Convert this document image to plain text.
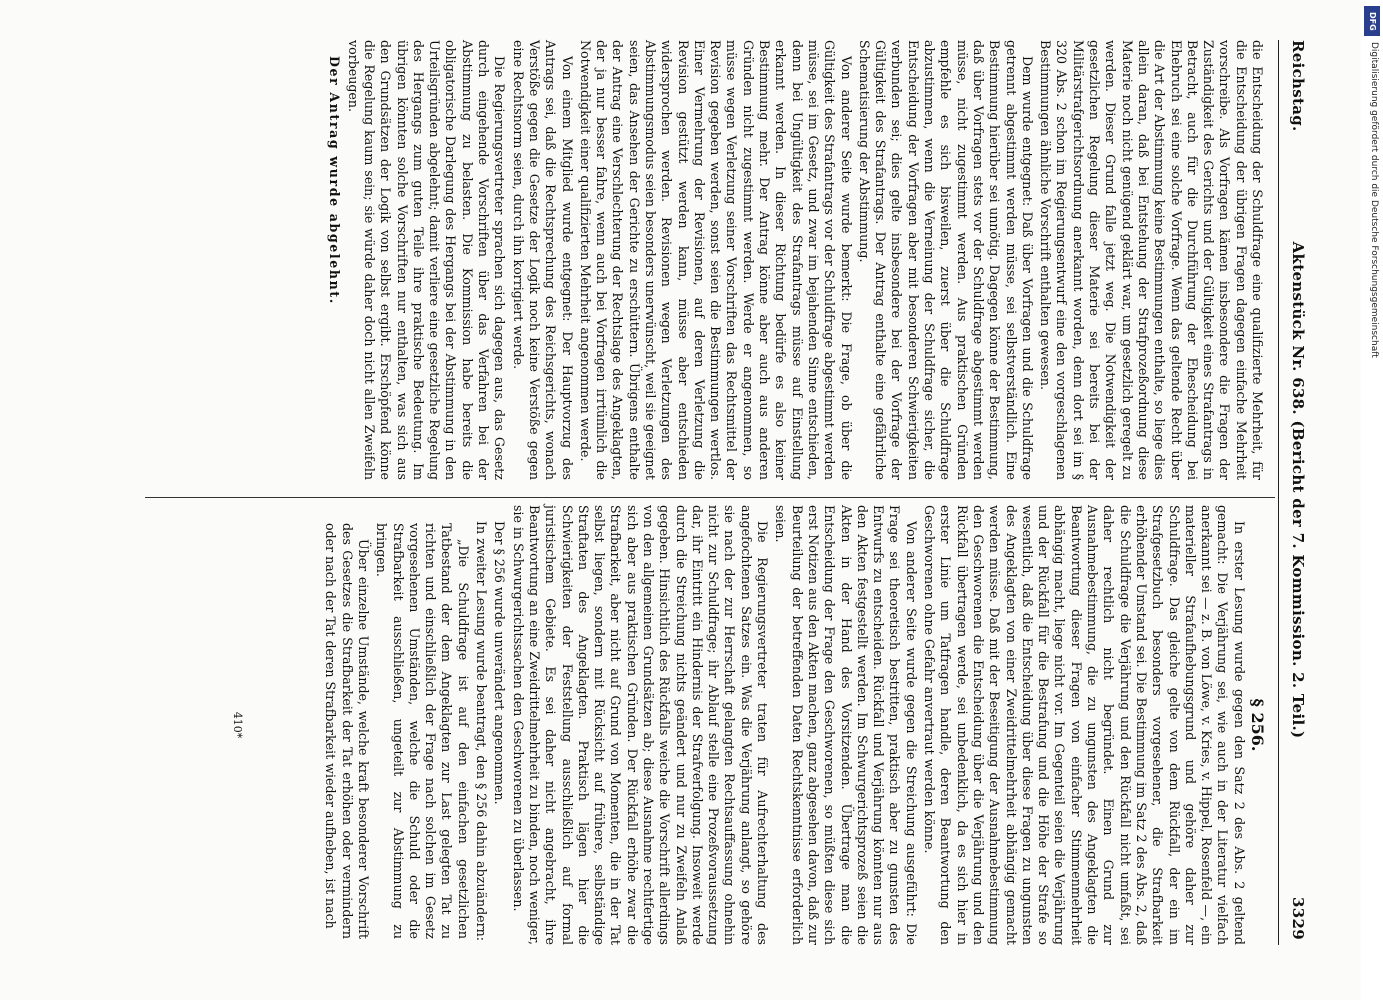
Reichstag.
Aktenstück Nr. 638. (Bericht der 7. Kommission. 2. Teil.)
3329

die Entscheidung der Schuldfrage eine qualifizierte Mehrheit, für die Entscheidung der übrigen Fragen dagegen einfache Mehrheit vorschreibe. Als Vorfragen kämen insbesondere die Fragen der Zuständigkeit des Gerichts und der Gültigkeit eines Strafantrags in Betracht, auch für die Durchführung der Ehescheidung bei Ehebruch sei eine solche Vorfrage. Wenn das geltende Recht über die Art der Abstimmung keine Bestimmungen enthalte, so liege dies allein daran, daß bei Entstehung der Strafprozeßordnung diese Materie noch nicht genügend geklärt war, um gesetzlich geregelt zu werden. Dieser Grund falle jetzt weg. Die Notwendigkeit der gesetzlichen Regelung dieser Materie sei bereits bei der Militärstrafgerichtsordnung anerkannt worden, denn dort sei im § 320 Abs. 2 schon im Regierungsentwurf eine den vorgeschlagenen Bestimmungen ähnliche Vorschrift enthalten gewesen.

Dem wurde entgegnet: Daß über Vorfragen und die Schuldfrage getrennt abgestimmt werden müsse, sei selbstverständlich. Eine Bestimmung hierüber sei unnötig. Dagegen könne der Bestimmung, daß über Vorfragen stets vor der Schuldfrage abgestimmt werden müsse, nicht zugestimmt werden. Aus praktischen Gründen empfehle es sich bisweilen, zuerst über die Schuldfrage abzustimmen, wenn die Verneinung der Schuldfrage sicher, die Entscheidung der Vorfragen aber mit besonderen Schwierigkeiten verbunden sei; dies gelte insbesondere bei der Vorfrage der Gültigkeit des Strafantrags. Der Antrag enthalte eine gefährliche Schematisierung der Abstimmung.

Von anderer Seite wurde bemerkt: Die Frage, ob über die Gültigkeit des Strafantrags vor der Schuldfrage abgestimmt werden müsse, sei im Gesetz, und zwar im bejahenden Sinne entschieden, denn bei Ungültigkeit des Strafantrags müsse auf Einstellung erkannt werden. In dieser Richtung bedürfe es also keiner Bestimmung mehr. Der Antrag könne aber auch aus anderen Gründen nicht zugestimmt werden. Werde er angenommen, so müsse wegen Verletzung seiner Vorschriften das Rechtsmittel der Revision gegeben werden, sonst seien die Bestimmungen wertlos. Einer Vermehrung der Revisionen, auf deren Verletzung die Revision gestützt werden kann, müsse aber entschieden widersprochen werden. Revisionen wegen Verletzungen des Abstimmungsmodus seien besonders unerwünscht, weil sie geeignet seien, das Ansehen der Gerichte zu erschüttern. Übrigens enthalte der Antrag eine Verschlechterung der Rechtslage des Angeklagten, der ja nur besser fahre, wenn auch bei Vorfragen irrtümlich die Notwendigkeit einer qualifizierten Mehrheit angenommen werde.

Von einem Mitglied wurde entgegnet: Der Hauptvorzug des Antrags sei, daß die Rechtsprechung des Reichsgerichts, wonach Verstöße gegen die Gesetze der Logik noch keine Verstöße gegen eine Rechtsnorm seien, durch ihn korrigiert werde.

Die Regierungsvertreter sprachen sich dagegen aus, das Gesetz durch eingehende Vorschriften über das Verfahren bei der Abstimmung zu belasten. Die Kommission habe bereits die obligatorische Darlegung des Hergangs bei der Abstimmung in den Urteilsgründen abgelehnt; damit verliere eine gesetzliche Regelung des Hergangs zum guten Teile ihre praktische Bedeutung. Im übrigen könnten solche Vorschriften nur enthalten, was sich aus den Grundsätzen der Logik von selbst ergibt. Erschöpfend könne die Regelung kaum sein; sie würde daher doch nicht allen Zweifeln vorbeugen.

Der Antrag wurde abgelehnt.

§ 256.

In erster Lesung wurde gegen den Satz 2 des Abs. 2 geltend gemacht: Die Verjährung sei, wie auch in der Literatur vielfach anerkannt sei — z. B. von Löwe, v. Kries, v. Hippel, Rosenfeld —, ein materieller Strafaufhebungsgrund und gehöre daher zur Schuldfrage. Das gleiche gelte von dem Rückfall, der ein im Strafgesetzbuch besonders vorgesehener, die Strafbarkeit erhöhender Umstand sei. Die Bestimmung im Satz 2 des Abs. 2, daß die Schuldfrage die Verjährung und den Rückfall nicht umfaßt, sei daher rechtlich nicht begründet. Einen Grund zur Ausnahmebestimmung, die zu ungunsten des Angeklagten die Beantwortung dieser Fragen von einfacher Stimmenmehrheit abhängig macht, liege nicht vor. Im Gegenteil seien die Verjährung und der Rückfall für die Bestrafung und die Höhe der Strafe so wesentlich, daß die Entscheidung über diese Fragen zu ungunsten des Angeklagten von einer Zweidrittelmehrheit abhängig gemacht werden müsse. Daß mit der Beseitigung der Ausnahmebestimmung den Geschworenen die Entscheidung über die Verjährung und den Rückfall übertragen werde, sei unbedenklich, da es sich hier in erster Linie um Tatfragen handle, deren Beantwortung den Geschworenen ohne Gefahr anvertraut werden könne.

Von anderer Seite wurde gegen die Streichung ausgeführt: Die Frage sei theoretisch bestritten, praktisch aber zu gunsten des Entwurfs zu entscheiden. Rückfall und Verjährung könnten nur aus den Akten festgestellt werden. Im Schwurgerichtsprozeß seien die Akten in der Hand des Vorsitzenden. Übertrage man die Entscheidung der Frage den Geschworenen, so müßten diese sich erst Notizen aus den Akten machen, ganz abgesehen davon, daß zur Beurteilung der betreffenden Daten Rechtskenntnisse erforderlich seien.

Die Regierungsvertreter traten für Aufrechterhaltung des angefochtenen Satzes ein. Was die Verjährung anlangt, so gehöre sie nach der zur Herrschaft gelangten Rechtsauffassung ohnehin nicht zur Schuldfrage; ihr Ablauf stelle eine Prozeßvoraussetzung dar, ihr Eintritt ein Hindernis der Strafverfolgung. Insoweit werde durch die Streichung nichts geändert und nur zu Zweifeln Anlaß gegeben. Hinsichtlich des Rückfalls weiche die Vorschrift allerdings von den allgemeinen Grundsätzen ab; diese Ausnahme rechtfertige sich aber aus praktischen Gründen. Der Rückfall erhöhe zwar die Strafbarkeit, aber nicht auf Grund von Momenten, die in der Tat selbst liegen, sondern mit Rücksicht auf frühere, selbständige Straftaten des Angeklagten. Praktisch lägen hier die Schwierigkeiten der Feststellung ausschließlich auf formal juristischem Gebiete. Es sei daher nicht angebracht, ihre Beantwortung an eine Zweidrittelmehrheit zu binden, noch weniger, sie in Schwurgerichtssachen den Geschworenen zu überlassen.

Der § 256 wurde unverändert angenommen.

In zweiter Lesung wurde beantragt, den § 256 dahin abzuändern:

„Die Schuldfrage ist auf den einfachen gesetzlichen Tatbestand der dem Angeklagten zur Last gelegten Tat zu richten und einschließlich der Frage nach solchen im Gesetz vorgesehenen Umständen, welche die Schuld oder die Strafbarkeit ausschließen, ungeteilt zur Abstimmung zu bringen.

Über einzelne Umstände, welche kraft besonderer Vorschrift des Gesetzes die Strafbarkeit der Tat erhöhen oder vermindern oder nach der Tat deren Strafbarkeit wieder aufheben, ist nach

410*
DFG
Digitalisierung gefördert durch die Deutsche Forschungsgemeinschaft
